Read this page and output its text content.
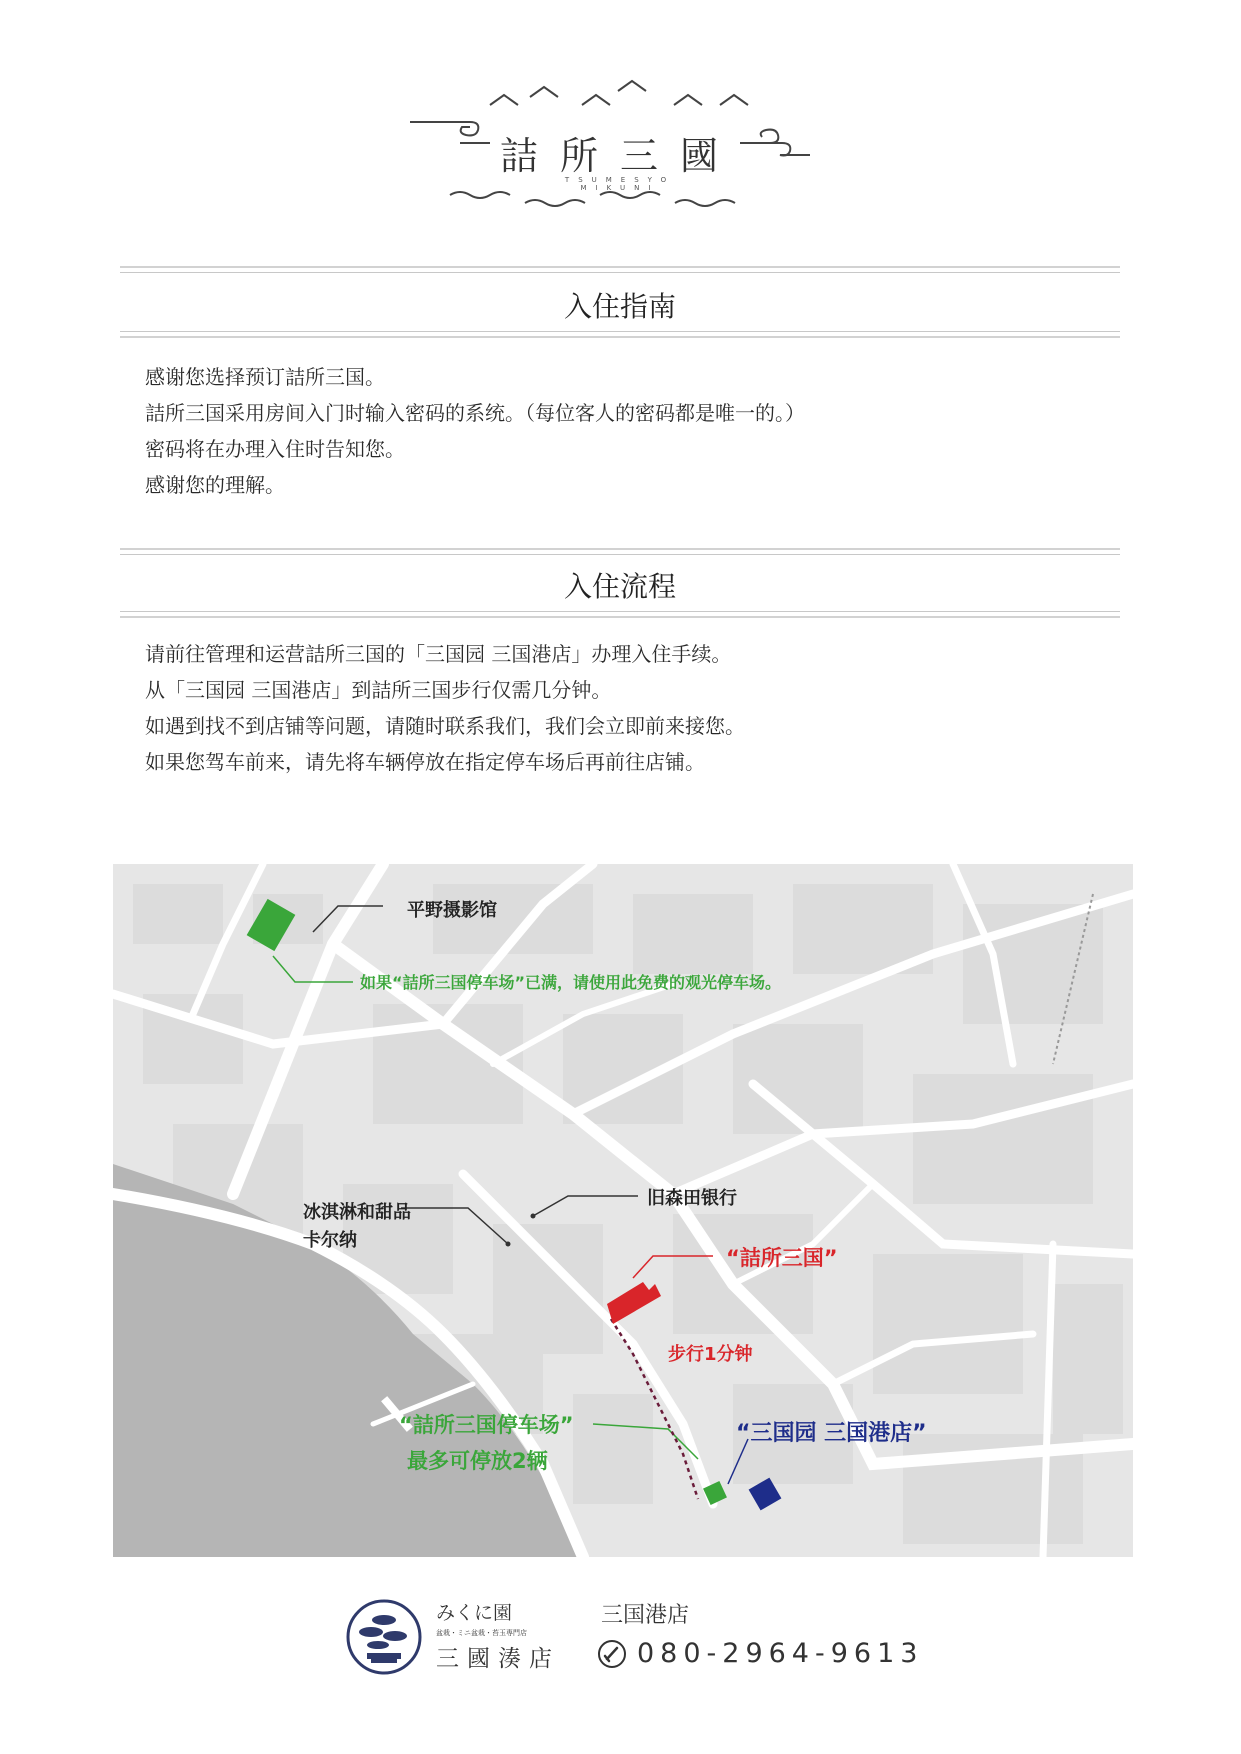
詰所三國
TSUMESYO MIKUNI
入住指南

感谢您选择预订詰所三国。

詰所三国采用房间入门时输入密码的系统。（每位客人的密码都是唯一的。）

密码将在办理入住时告知您。

感谢您的理解。

入住流程

请前往管理和运营詰所三国的「三国园 三国港店」办理入住手续。

从「三国园 三国港店」到詰所三国步行仅需几分钟。

如遇到找不到店铺等问题，请随时联系我们，我们会立即前来接您。

如果您驾车前来，请先将车辆停放在指定停车场后再前往店铺。

平野摄影馆
如果“詰所三国停车场”已满，请使用此免费的观光停车场。
冰淇淋和甜品
卡尔纳
旧森田银行
“詰所三国”
步行1分钟
“詰所三国停车场”
最多可停放2辆
“三国园 三国港店”
みくに園
盆栽・ミニ盆栽・苔玉専門店
三國湊店
三国港店
080-2964-9613
